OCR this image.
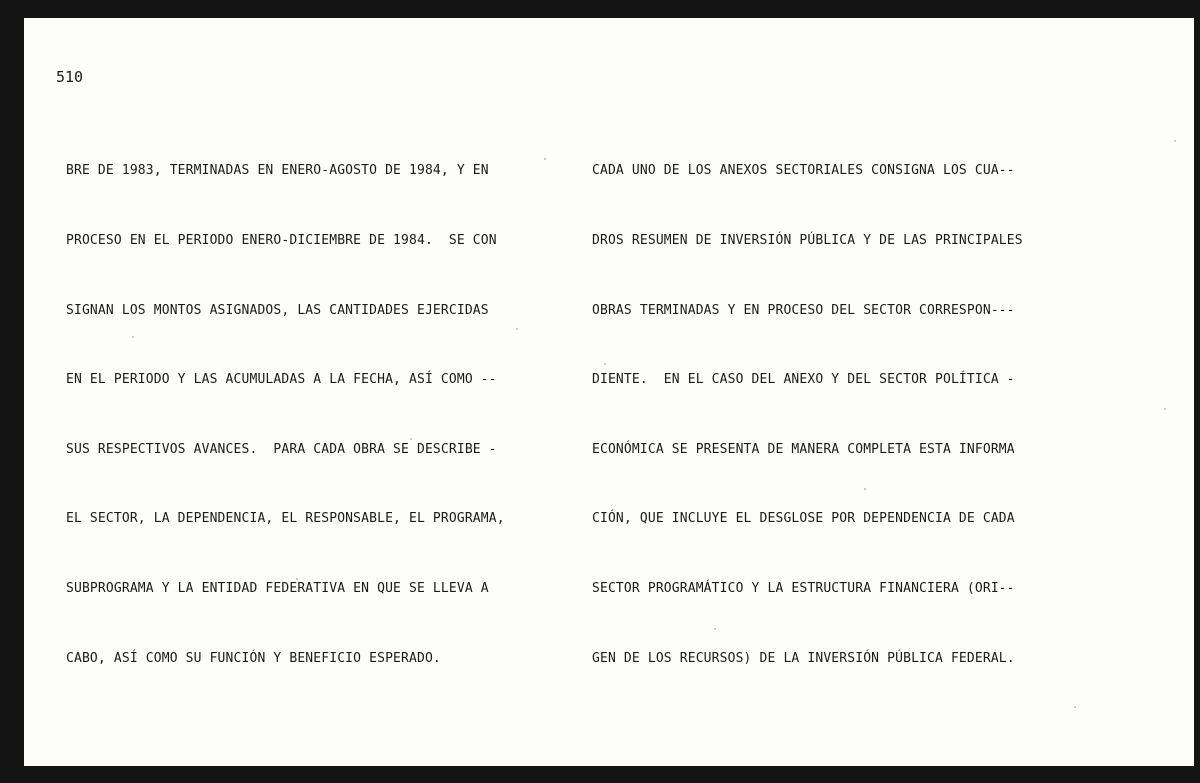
510

BRE DE 1983, TERMINADAS EN ENERO-AGOSTO DE 1984, Y EN

PROCESO EN EL PERIODO ENERO-DICIEMBRE DE 1984.  SE CON

SIGNAN LOS MONTOS ASIGNADOS, LAS CANTIDADES EJERCIDAS

EN EL PERIODO Y LAS ACUMULADAS A LA FECHA, ASÍ COMO --

SUS RESPECTIVOS AVANCES.  PARA CADA OBRA SE DESCRIBE -

EL SECTOR, LA DEPENDENCIA, EL RESPONSABLE, EL PROGRAMA,

SUBPROGRAMA Y LA ENTIDAD FEDERATIVA EN QUE SE LLEVA A

CABO, ASÍ COMO SU FUNCIÓN Y BENEFICIO ESPERADO.

CADA UNO DE LOS ANEXOS SECTORIALES CONSIGNA LOS CUA--

DROS RESUMEN DE INVERSIÓN PÚBLICA Y DE LAS PRINCIPALES

OBRAS TERMINADAS Y EN PROCESO DEL SECTOR CORRESPON---

DIENTE.  EN EL CASO DEL ANEXO Y DEL SECTOR POLÍTICA -

ECONÓMICA SE PRESENTA DE MANERA COMPLETA ESTA INFORMA

CIÓN, QUE INCLUYE EL DESGLOSE POR DEPENDENCIA DE CADA

SECTOR PROGRAMÁTICO Y LA ESTRUCTURA FINANCIERA (ORI--

GEN DE LOS RECURSOS) DE LA INVERSIÓN PÚBLICA FEDERAL.
